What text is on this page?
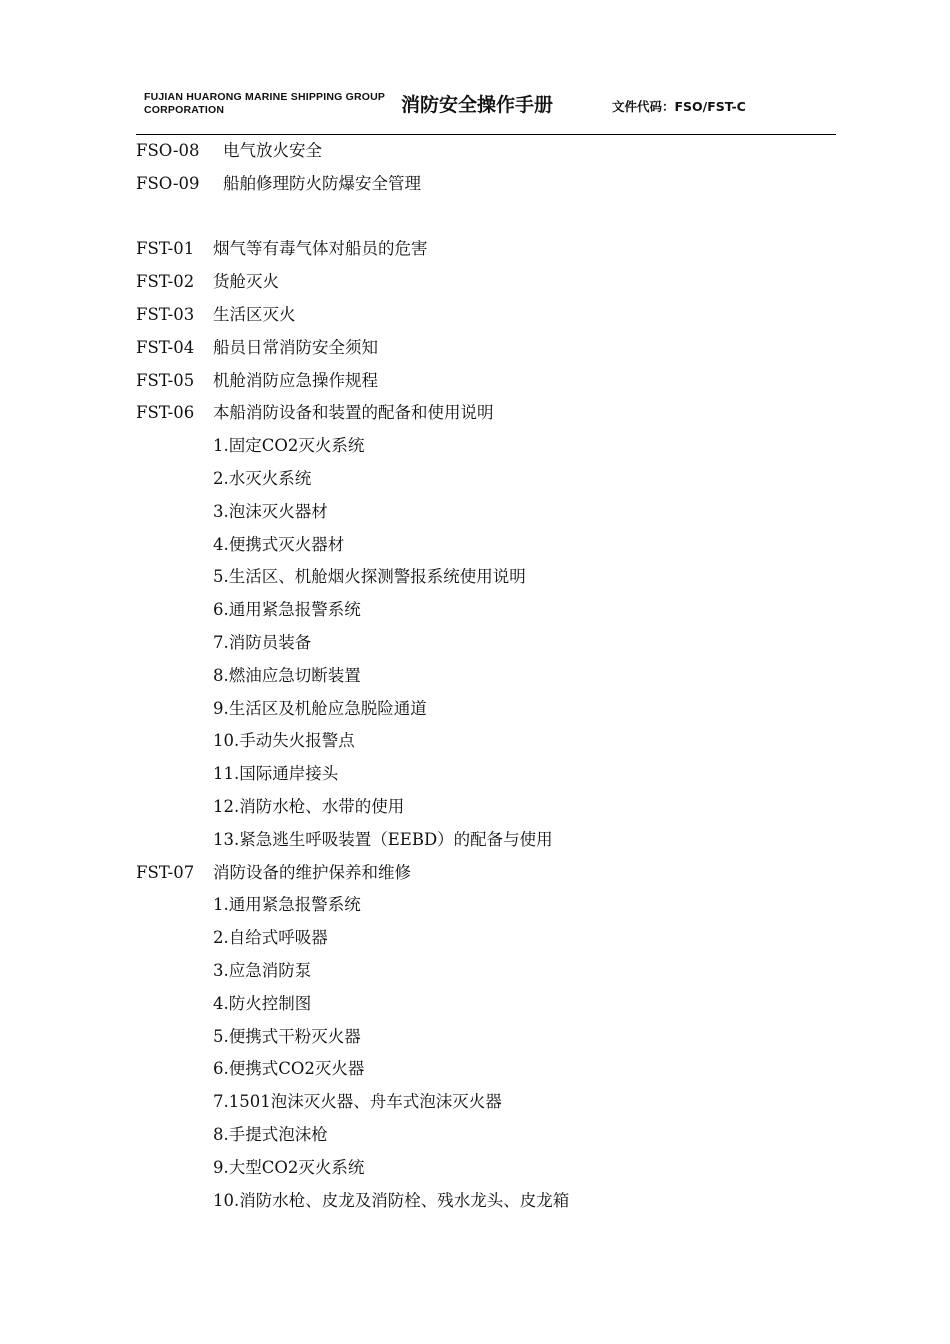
FUJIAN HUARONG MARINE SHIPPING GROUP
CORPORATION	消防安全操作手册	文件代码：FSO/FST-C
FSO-08 电气放火安全
FSO-09 船舶修理防火防爆安全管理
FST-01 烟气等有毒气体对船员的危害
FST-02 货舱灭火
FST-03 生活区灭火
FST-04 船员日常消防安全须知
FST-05 机舱消防应急操作规程
FST-06 本船消防设备和装置的配备和使用说明
1.固定CO2灭火系统
2.水灭火系统
3.泡沫灭火器材
4.便携式灭火器材
5.生活区、机舱烟火探测警报系统使用说明
6.通用紧急报警系统
7.消防员装备
8.燃油应急切断装置
9.生活区及机舱应急脱险通道
10.手动失火报警点
11.国际通岸接头
12.消防水枪、水带的使用
13.紧急逃生呼吸装置（EEBD）的配备与使用
FST-07 消防设备的维护保养和维修
1.通用紧急报警系统
2.自给式呼吸器
3.应急消防泵
4.防火控制图
5.便携式干粉灭火器
6.便携式CO2灭火器
7.1501泡沫灭火器、舟车式泡沫灭火器
8.手提式泡沫枪
9.大型CO2灭火系统
10.消防水枪、皮龙及消防栓、残水龙头、皮龙箱
